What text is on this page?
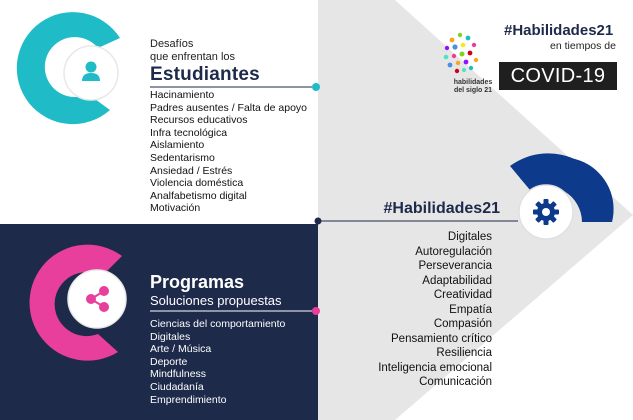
Desafíos
que enfrentan los
Estudiantes
Hacinamiento
Padres ausentes / Falta de apoyo
Recursos educativos
Infra tecnológica
Aislamiento
Sedentarismo
Ansiedad / Estrés
Violencia doméstica
Analfabetismo digital
Motivación	#Habilidades21
Digitales
Autoregulación
Perseverancia
Adaptabilidad
Creatividad
Empatía
Compasión
Pensamiento crítico
Resiliencia
Inteligencia emocional
Comunicación
Programas
Soluciones propuestas
Ciencias del comportamiento
Digitales
Arte / Música
Deporte
Mindfulness
Ciudadanía
Emprendimiento
habilidades
del siglo 21
#Habilidades21
en tiempos de
COVID-19
